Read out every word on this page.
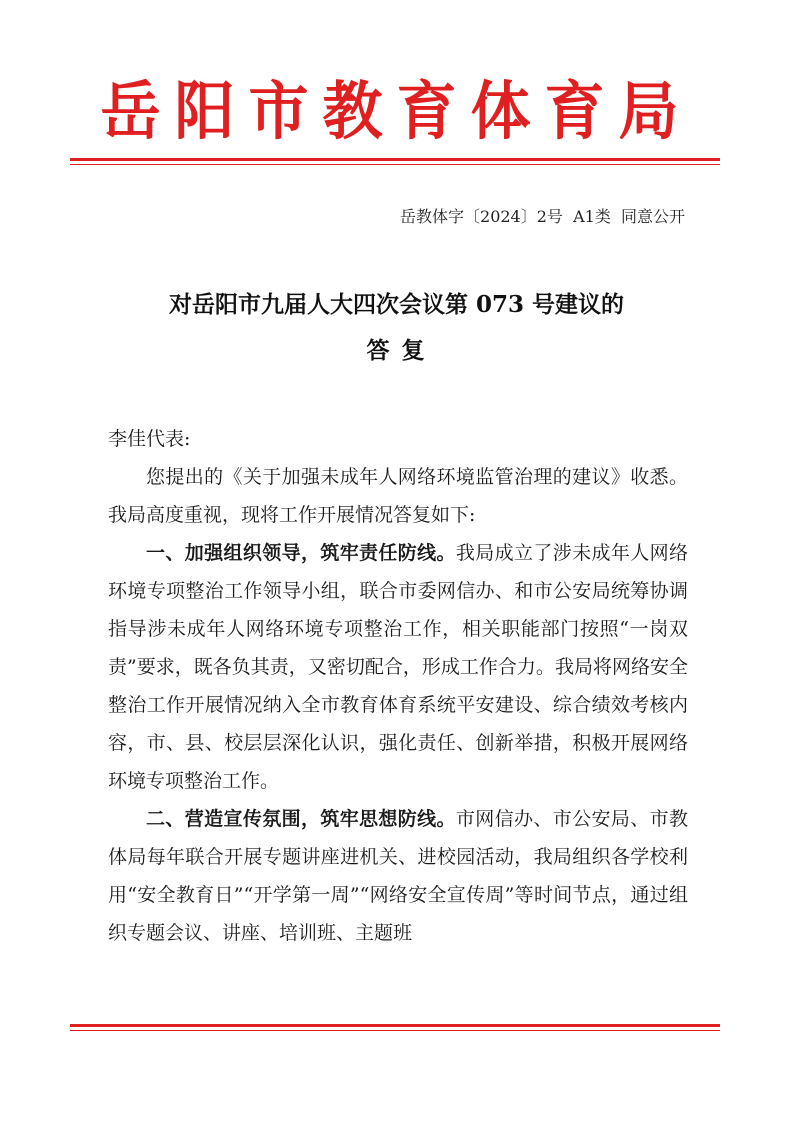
岳阳市教育体育局
岳教体字〔2024〕2号  A1类  同意公开
对岳阳市九届人大四次会议第 073 号建议的
答 复

李佳代表:

您提出的《关于加强未成年人网络环境监管治理的建议》收悉。我局高度重视，现将工作开展情况答复如下:

一、加强组织领导，筑牢责任防线。我局成立了涉未成年人网络环境专项整治工作领导小组，联合市委网信办、和市公安局统筹协调指导涉未成年人网络环境专项整治工作，相关职能部门按照“一岗双责”要求，既各负其责，又密切配合，形成工作合力。我局将网络安全整治工作开展情况纳入全市教育体育系统平安建设、综合绩效考核内容，市、县、校层层深化认识，强化责任、创新举措，积极开展网络环境专项整治工作。

二、营造宣传氛围，筑牢思想防线。市网信办、市公安局、市教体局每年联合开展专题讲座进机关、进校园活动，我局组织各学校利用“安全教育日”“开学第一周”“网络安全宣传周”等时间节点，通过组织专题会议、讲座、培训班、主题班
